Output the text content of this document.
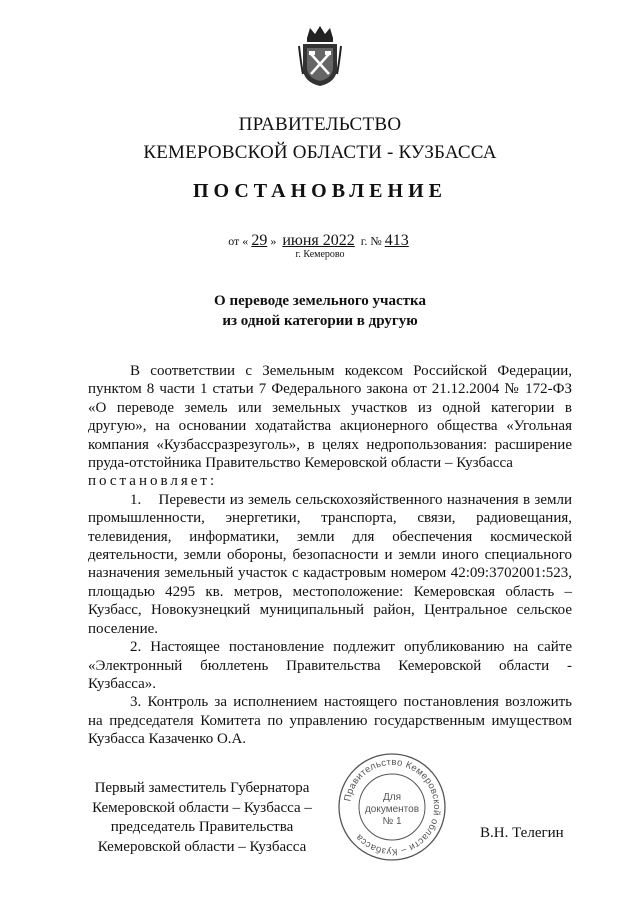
ПРАВИТЕЛЬСТВО
КЕМЕРОВСКОЙ ОБЛАСТИ - КУЗБАССА
ПОСТАНОВЛЕНИЕ
от « 29 » июня 2022 г. № 413
г. Кемерово
О переводе земельного участка
из одной категории в другую

В соответствии с Земельным кодексом Российской Федерации, пунктом 8 части 1 статьи 7 Федерального закона от 21.12.2004 № 172-ФЗ «О переводе земель или земельных участков из одной категории в другую», на основании ходатайства акционерного общества «Угольная компания «Кузбассразрезуголь», в целях недропользования: расширение пруда-отстойника Правительство Кемеровской области – Кузбасса

постановляет:

1.    Перевести из земель сельскохозяйственного назначения в земли промышленности, энергетики, транспорта, связи, радиовещания, телевидения, информатики, земли для обеспечения космической деятельности, земли обороны, безопасности и земли иного специального назначения земельный участок с кадастровым номером 42:09:3702001:523, площадью 4295 кв. метров, местоположение: Кемеровская область – Кузбасс, Новокузнецкий муниципальный район, Центральное сельское поселение.

2. Настоящее постановление подлежит опубликованию на сайте «Электронный бюллетень Правительства Кемеровской области - Кузбасса».

3. Контроль за исполнением настоящего постановления возложить на председателя Комитета по управлению государственным имуществом Кузбасса Казаченко О.А.

Первый заместитель Губернатора
Кемеровской области – Кузбасса –
председатель Правительства
Кемеровской области – Кузбасса
Правительство Кемеровской области – Кузбасса
Для
документов
№ 1
В.Н. Телегин
